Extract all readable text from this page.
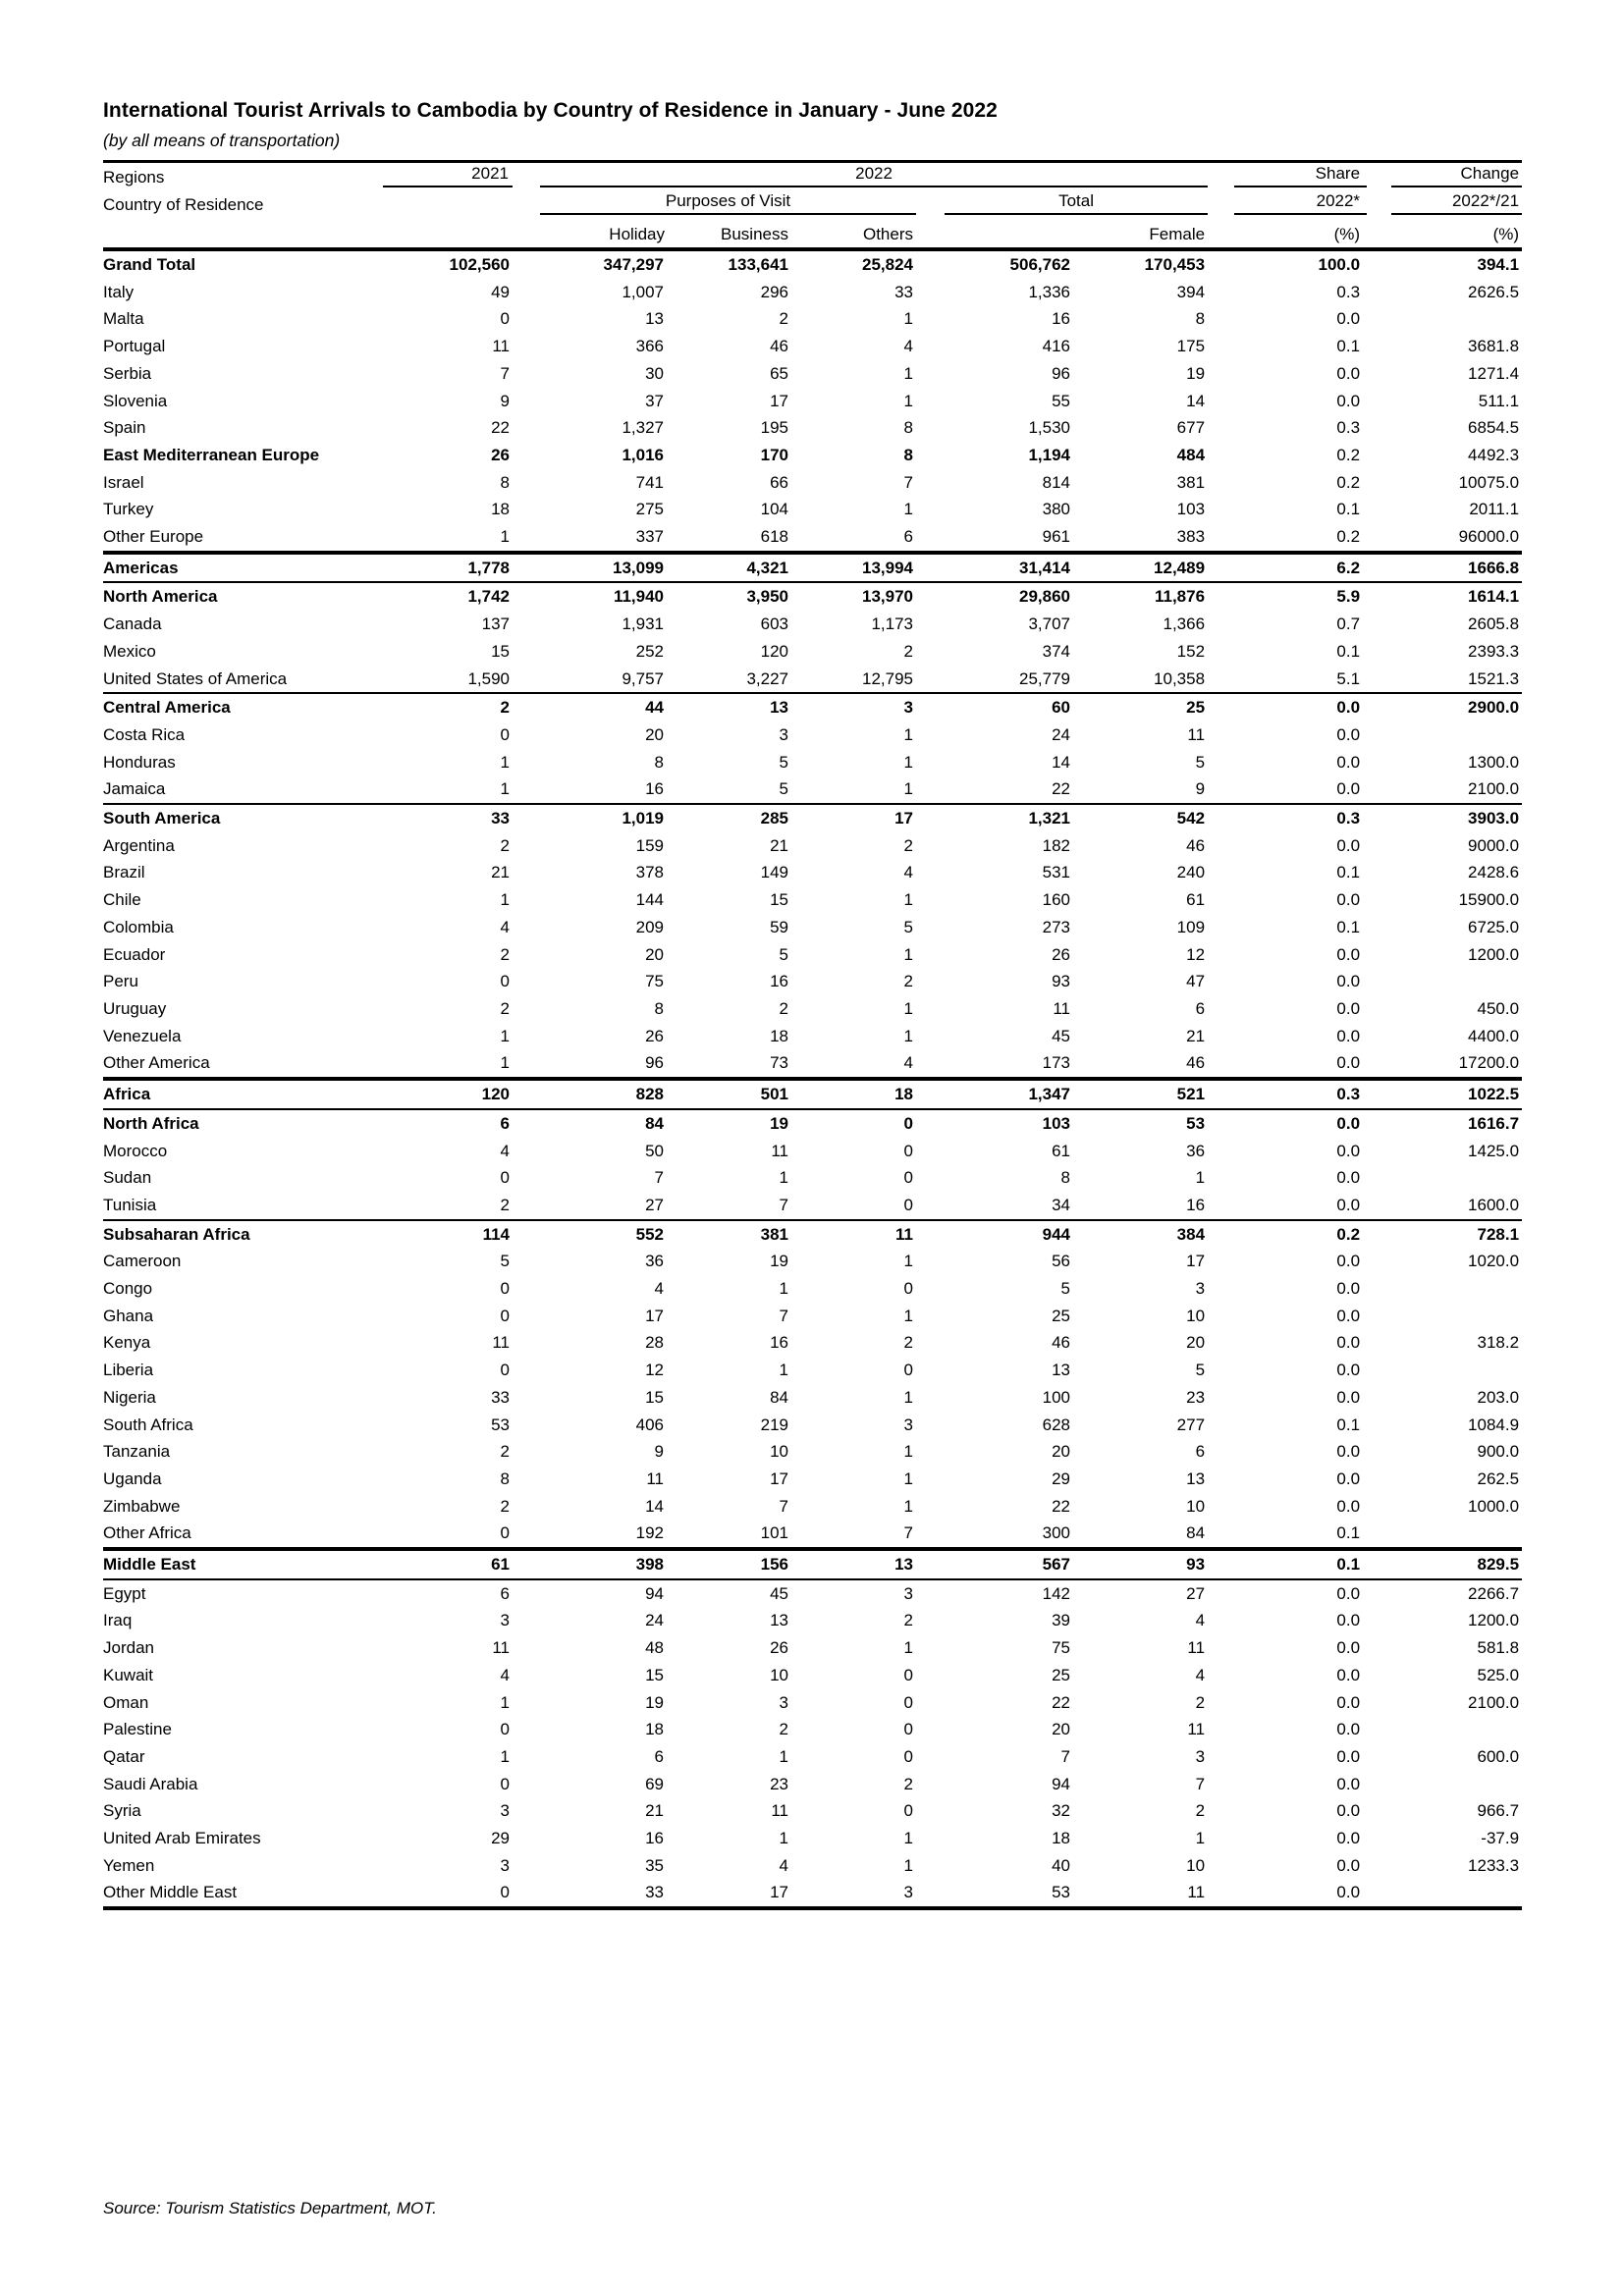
International Tourist Arrivals to Cambodia by Country of Residence in January - June 2022
(by all means of transportation)
Regions	2021	2022					Share	Change

Country of Residence		Purposes of Visit			Total		2022*	2022*/21

		Holiday	Business	Others		Female	(%)	(%)
Grand Total	102,560	347,297	133,641	25,824	506,762	170,453	100.0	394.1
Italy	49	1,007	296	33	1,336	394	0.3	2626.5
Malta	0	13	2	1	16	8	0.0	
Portugal	11	366	46	4	416	175	0.1	3681.8
Serbia	7	30	65	1	96	19	0.0	1271.4
Slovenia	9	37	17	1	55	14	0.0	511.1
Spain	22	1,327	195	8	1,530	677	0.3	6854.5
East Mediterranean Europe	26	1,016	170	8	1,194	484	0.2	4492.3
Israel	8	741	66	7	814	381	0.2	10075.0
Turkey	18	275	104	1	380	103	0.1	2011.1
Other Europe	1	337	618	6	961	383	0.2	96000.0
Americas	1,778	13,099	4,321	13,994	31,414	12,489	6.2	1666.8
North America	1,742	11,940	3,950	13,970	29,860	11,876	5.9	1614.1
Canada	137	1,931	603	1,173	3,707	1,366	0.7	2605.8
Mexico	15	252	120	2	374	152	0.1	2393.3
United States of America	1,590	9,757	3,227	12,795	25,779	10,358	5.1	1521.3
Central America	2	44	13	3	60	25	0.0	2900.0
Costa Rica	0	20	3	1	24	11	0.0	
Honduras	1	8	5	1	14	5	0.0	1300.0
Jamaica	1	16	5	1	22	9	0.0	2100.0
South America	33	1,019	285	17	1,321	542	0.3	3903.0
Argentina	2	159	21	2	182	46	0.0	9000.0
Brazil	21	378	149	4	531	240	0.1	2428.6
Chile	1	144	15	1	160	61	0.0	15900.0
Colombia	4	209	59	5	273	109	0.1	6725.0
Ecuador	2	20	5	1	26	12	0.0	1200.0
Peru	0	75	16	2	93	47	0.0	
Uruguay	2	8	2	1	11	6	0.0	450.0
Venezuela	1	26	18	1	45	21	0.0	4400.0
Other America	1	96	73	4	173	46	0.0	17200.0
Africa	120	828	501	18	1,347	521	0.3	1022.5
North Africa	6	84	19	0	103	53	0.0	1616.7
Morocco	4	50	11	0	61	36	0.0	1425.0
Sudan	0	7	1	0	8	1	0.0	
Tunisia	2	27	7	0	34	16	0.0	1600.0
Subsaharan Africa	114	552	381	11	944	384	0.2	728.1
Cameroon	5	36	19	1	56	17	0.0	1020.0
Congo	0	4	1	0	5	3	0.0	
Ghana	0	17	7	1	25	10	0.0	
Kenya	11	28	16	2	46	20	0.0	318.2
Liberia	0	12	1	0	13	5	0.0	
Nigeria	33	15	84	1	100	23	0.0	203.0
South Africa	53	406	219	3	628	277	0.1	1084.9
Tanzania	2	9	10	1	20	6	0.0	900.0
Uganda	8	11	17	1	29	13	0.0	262.5
Zimbabwe	2	14	7	1	22	10	0.0	1000.0
Other Africa	0	192	101	7	300	84	0.1	
Middle East	61	398	156	13	567	93	0.1	829.5
Egypt	6	94	45	3	142	27	0.0	2266.7
Iraq	3	24	13	2	39	4	0.0	1200.0
Jordan	11	48	26	1	75	11	0.0	581.8
Kuwait	4	15	10	0	25	4	0.0	525.0
Oman	1	19	3	0	22	2	0.0	2100.0
Palestine	0	18	2	0	20	11	0.0	
Qatar	1	6	1	0	7	3	0.0	600.0
Saudi Arabia	0	69	23	2	94	7	0.0	
Syria	3	21	11	0	32	2	0.0	966.7
United Arab Emirates	29	16	1	1	18	1	0.0	-37.9
Yemen	3	35	4	1	40	10	0.0	1233.3
Other Middle East	0	33	17	3	53	11	0.0	
Source: Tourism Statistics Department, MOT.
